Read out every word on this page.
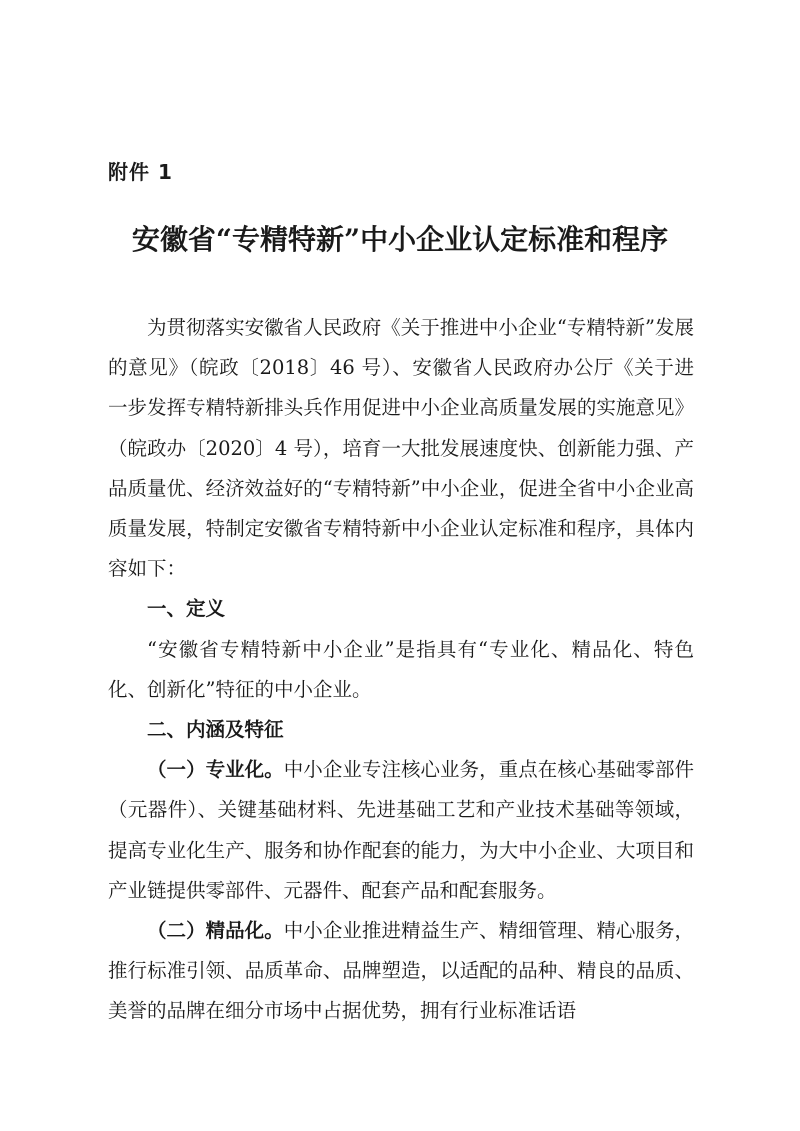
附件 1
安徽省“专精特新”中小企业认定标准和程序

为贯彻落实安徽省人民政府《关于推进中小企业“专精特新”发展的意见》（皖政〔2018〕46 号）、安徽省人民政府办公厅《关于进一步发挥专精特新排头兵作用促进中小企业高质量发展的实施意见》（皖政办〔2020〕4 号），培育一大批发展速度快、创新能力强、产品质量优、经济效益好的“专精特新”中小企业，促进全省中小企业高质量发展，特制定安徽省专精特新中小企业认定标准和程序，具体内容如下：

一、定义

“安徽省专精特新中小企业”是指具有“专业化、精品化、特色化、创新化”特征的中小企业。

二、内涵及特征

（一）专业化。中小企业专注核心业务，重点在核心基础零部件（元器件）、关键基础材料、先进基础工艺和产业技术基础等领域，提高专业化生产、服务和协作配套的能力，为大中小企业、大项目和产业链提供零部件、元器件、配套产品和配套服务。

（二）精品化。中小企业推进精益生产、精细管理、精心服务，推行标准引领、品质革命、品牌塑造，以适配的品种、精良的品质、美誉的品牌在细分市场中占据优势，拥有行业标准话语
